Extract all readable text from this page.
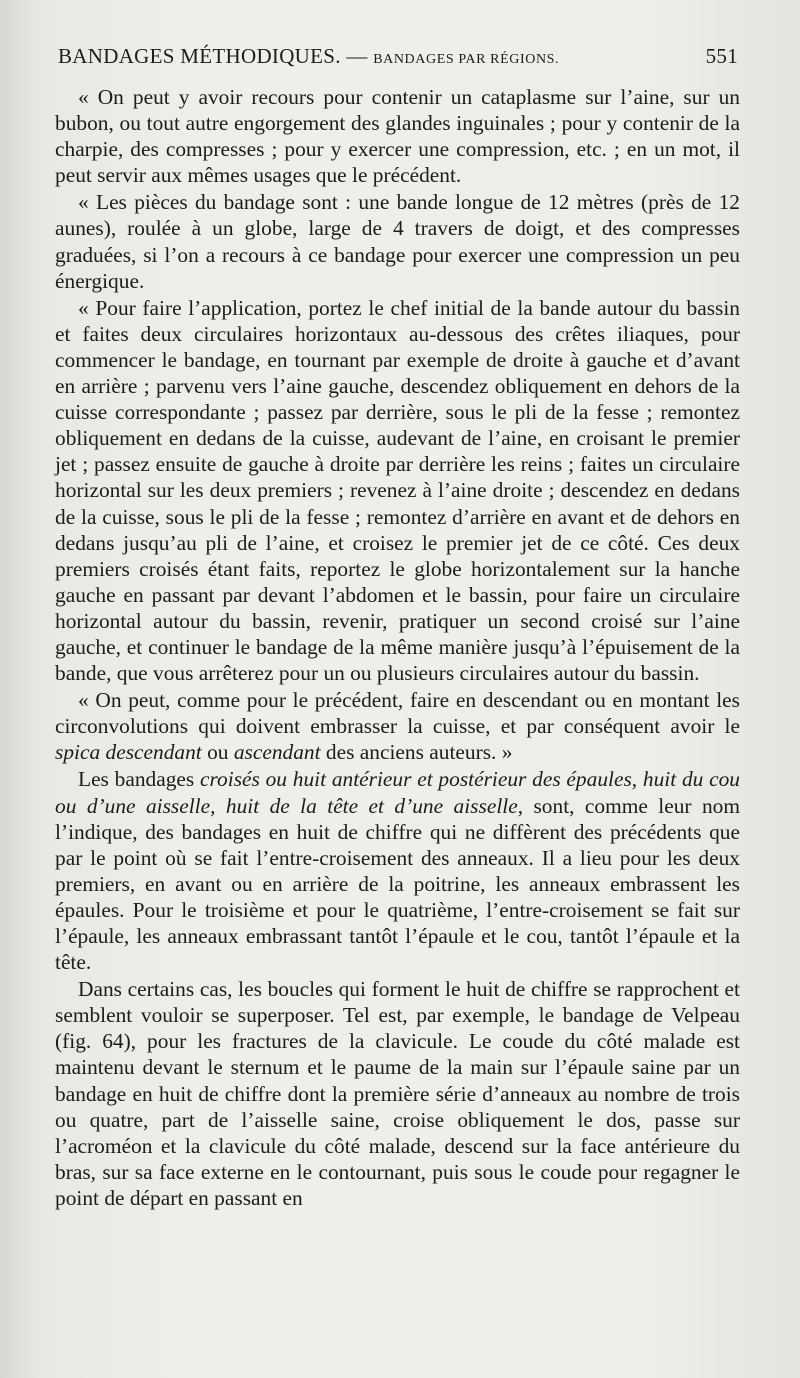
BANDAGES MÉTHODIQUES. — BANDAGES PAR RÉGIONS.	551

« On peut y avoir recours pour contenir un cataplasme sur l’aine, sur un bubon, ou tout autre engorgement des glandes inguinales ; pour y contenir de la charpie, des compresses ; pour y exercer une compression, etc. ; en un mot, il peut servir aux mêmes usages que le précédent.

« Les pièces du bandage sont : une bande longue de 12 mètres (près de 12 aunes), roulée à un globe, large de 4 travers de doigt, et des compresses graduées, si l’on a recours à ce bandage pour exercer une compression un peu énergique.

« Pour faire l’application, portez le chef initial de la bande autour du bassin et faites deux circulaires horizontaux au-dessous des crêtes iliaques, pour commencer le bandage, en tournant par exemple de droite à gauche et d’avant en arrière ; parvenu vers l’aine gauche, descendez obliquement en dehors de la cuisse correspondante ; passez par derrière, sous le pli de la fesse ; remontez obliquement en dedans de la cuisse, audevant de l’aine, en croisant le premier jet ; passez ensuite de gauche à droite par derrière les reins ; faites un circulaire horizontal sur les deux premiers ; revenez à l’aine droite ; descendez en dedans de la cuisse, sous le pli de la fesse ; remontez d’arrière en avant et de dehors en dedans jusqu’au pli de l’aine, et croisez le premier jet de ce côté. Ces deux premiers croisés étant faits, reportez le globe horizontalement sur la hanche gauche en passant par devant l’abdomen et le bassin, pour faire un circulaire horizontal autour du bassin, revenir, pratiquer un second croisé sur l’aine gauche, et continuer le bandage de la même manière jusqu’à l’épuisement de la bande, que vous arrêterez pour un ou plusieurs circulaires autour du bassin.

« On peut, comme pour le précédent, faire en descendant ou en montant les circonvolutions qui doivent embrasser la cuisse, et par conséquent avoir le spica descendant ou ascendant des anciens auteurs. »

Les bandages croisés ou huit antérieur et postérieur des épaules, huit du cou ou d’une aisselle, huit de la tête et d’une aisselle, sont, comme leur nom l’indique, des bandages en huit de chiffre qui ne diffèrent des précédents que par le point où se fait l’entre-croisement des anneaux. Il a lieu pour les deux premiers, en avant ou en arrière de la poitrine, les anneaux embrassent les épaules. Pour le troisième et pour le quatrième, l’entre-croisement se fait sur l’épaule, les anneaux embrassant tantôt l’épaule et le cou, tantôt l’épaule et la tête.

Dans certains cas, les boucles qui forment le huit de chiffre se rapprochent et semblent vouloir se superposer. Tel est, par exemple, le bandage de Velpeau (fig. 64), pour les fractures de la clavicule. Le coude du côté malade est maintenu devant le sternum et le paume de la main sur l’épaule saine par un bandage en huit de chiffre dont la première série d’anneaux au nombre de trois ou quatre, part de l’aisselle saine, croise obliquement le dos, passe sur l’acroméon et la clavicule du côté malade, descend sur la face antérieure du bras, sur sa face externe en le contournant, puis sous le coude pour regagner le point de départ en passant en
